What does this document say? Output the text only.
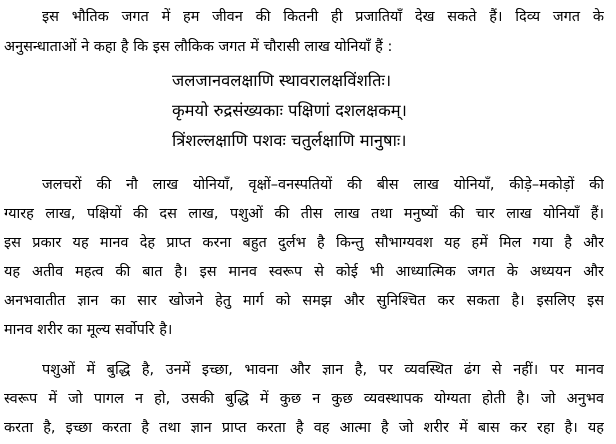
इस भौतिक जगत में हम जीवन की कितनी ही प्रजातियाँ देख सकते हैं। दिव्य जगत के
अनुसन्धाताओं ने कहा है कि इस लौकिक जगत में चौरासी लाख योनियाँ हैं :
जलजानवलक्षाणि स्थावरालक्षविंशतिः।
कृमयो रुद्रसंख्यकाः पक्षिणां दशलक्षकम्।
त्रिंशल्लक्षाणि पशवः चतुर्लक्षाणि मानुषाः।
जलचरों की नौ लाख योनियाँ, वृक्षों–वनस्पतियों की बीस लाख योनियाँ, कीड़े–मकोड़ों की
ग्यारह लाख, पक्षियों की दस लाख, पशुओं की तीस लाख तथा मनुष्यों की चार लाख योनियाँ हैं।
इस प्रकार यह मानव देह प्राप्त करना बहुत दुर्लभ है किन्तु सौभाग्यवश यह हमें मिल गया है और
यह अतीव महत्व की बात है। इस मानव स्वरूप से कोई भी आध्यात्मिक जगत के अध्ययन और
अनभवातीत ज्ञान का सार खोजने हेतु मार्ग को समझ और सुनिश्चित कर सकता है। इसलिए इस
मानव शरीर का मूल्य सर्वोपरि है।
पशुओं में बुद्धि है, उनमें इच्छा, भावना और ज्ञान है, पर व्यवस्थित ढंग से नहीं। पर मानव
स्वरूप में जो पागल न हो, उसकी बुद्धि में कुछ न कुछ व्यवस्थापक योग्यता होती है। जो अनुभव
करता है, इच्छा करता है तथा ज्ञान प्राप्त करता है वह आत्मा है जो शरीर में बास कर रहा है। यह
